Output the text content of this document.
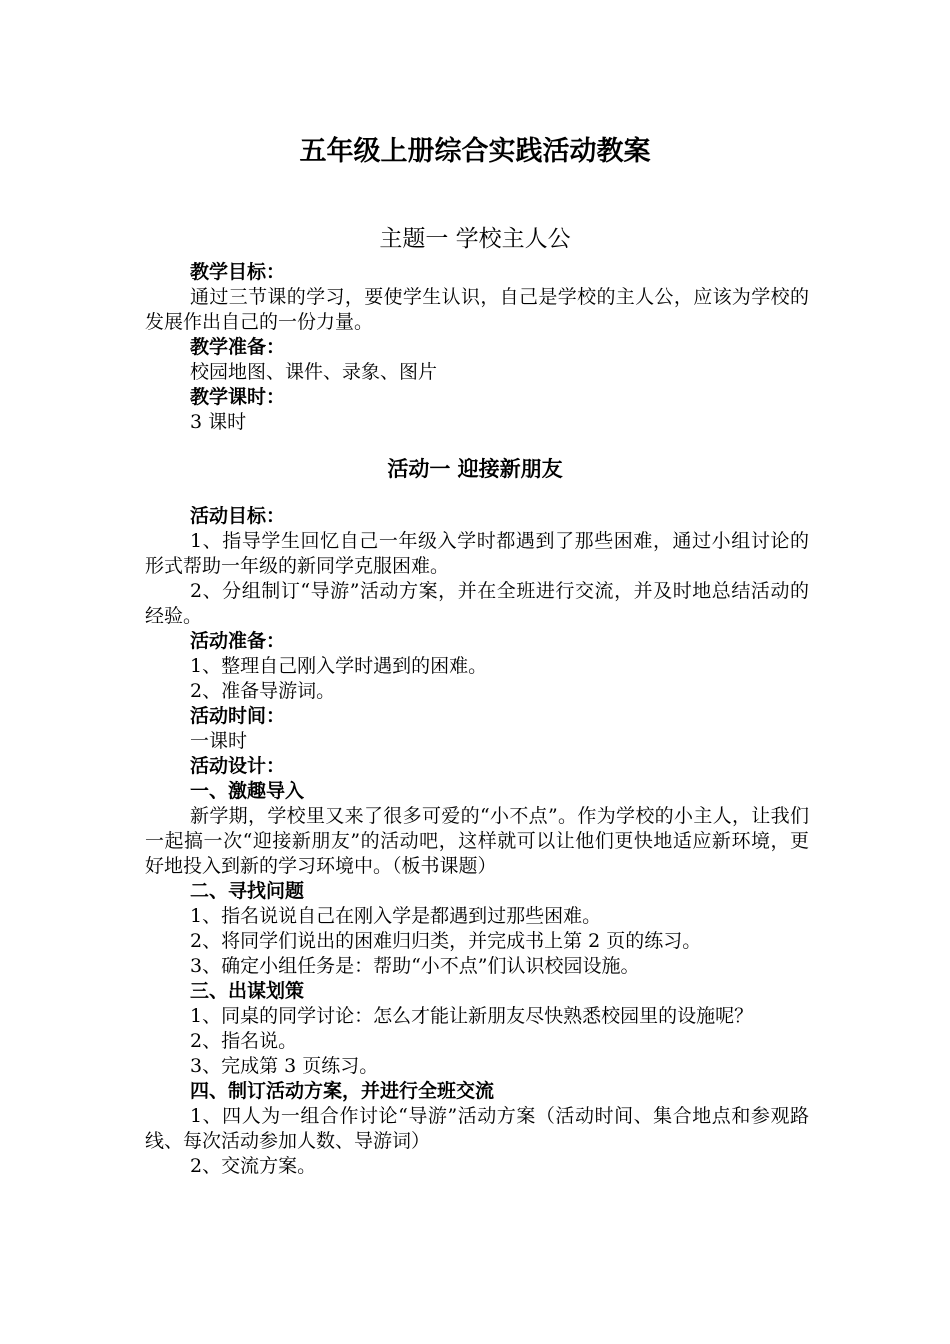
五年级上册综合实践活动教案
主题一 学校主人公

教学目标：

通过三节课的学习，要使学生认识，自己是学校的主人公，应该为学校的发展作出自己的一份力量。

教学准备：

校园地图、课件、录象、图片

教学课时：

3 课时

活动一 迎接新朋友

活动目标：

1、指导学生回忆自己一年级入学时都遇到了那些困难，通过小组讨论的形式帮助一年级的新同学克服困难。

2、分组制订“导游”活动方案，并在全班进行交流，并及时地总结活动的经验。

活动准备：

1、整理自己刚入学时遇到的困难。

2、准备导游词。

活动时间：

一课时

活动设计：

一、激趣导入

新学期，学校里又来了很多可爱的“小不点”。作为学校的小主人，让我们一起搞一次“迎接新朋友”的活动吧，这样就可以让他们更快地适应新环境，更好地投入到新的学习环境中。（板书课题）

二、寻找问题

1、指名说说自己在刚入学是都遇到过那些困难。

2、将同学们说出的困难归归类，并完成书上第 2 页的练习。

3、确定小组任务是：帮助“小不点”们认识校园设施。

三、出谋划策

1、同桌的同学讨论：怎么才能让新朋友尽快熟悉校园里的设施呢？

2、指名说。

3、完成第 3 页练习。

四、制订活动方案，并进行全班交流

1、四人为一组合作讨论“导游”活动方案（活动时间、集合地点和参观路线、每次活动参加人数、导游词）

2、交流方案。
